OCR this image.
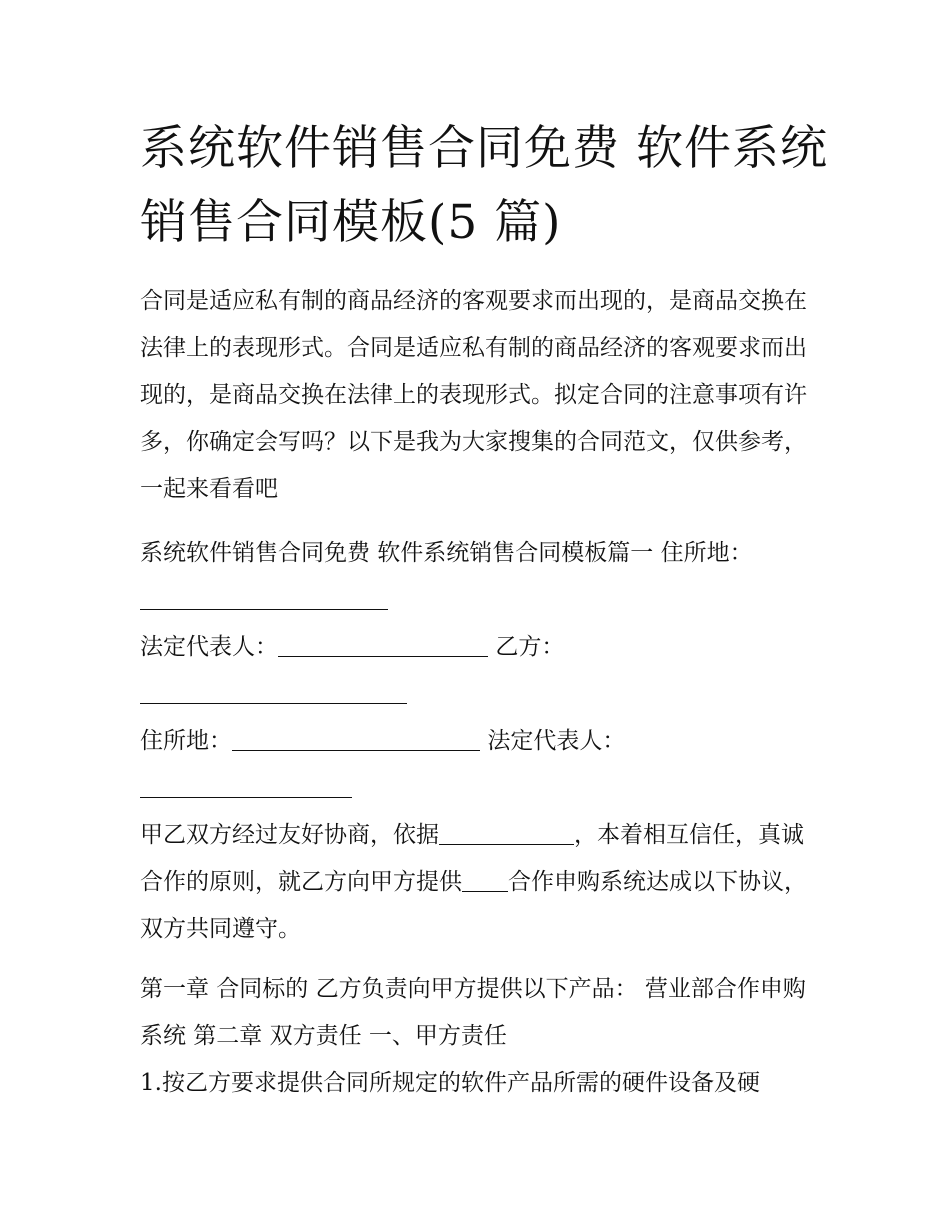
系统软件销售合同免费 软件系统销售合同模板(5 篇)

合同是适应私有制的商品经济的客观要求而出现的，是商品交换在法律上的表现形式。合同是适应私有制的商品经济的客观要求而出现的，是商品交换在法律上的表现形式。拟定合同的注意事项有许多，你确定会写吗？以下是我为大家搜集的合同范文，仅供参考，一起来看看吧

系统软件销售合同免费 软件系统销售合同模板篇一 住所地：

法定代表人：	乙方：

住所地：	法定代表人：

甲乙双方经过友好协商，依据	，本着相互信任，真诚合作的原则，就乙方向甲方提供 合作申购系统达成以下协议，双方共同遵守。

第一章 合同标的 乙方负责向甲方提供以下产品： 营业部合作申购系统 第二章 双方责任 一、甲方责任

1.按乙方要求提供合同所规定的软件产品所需的硬件设备及硬
